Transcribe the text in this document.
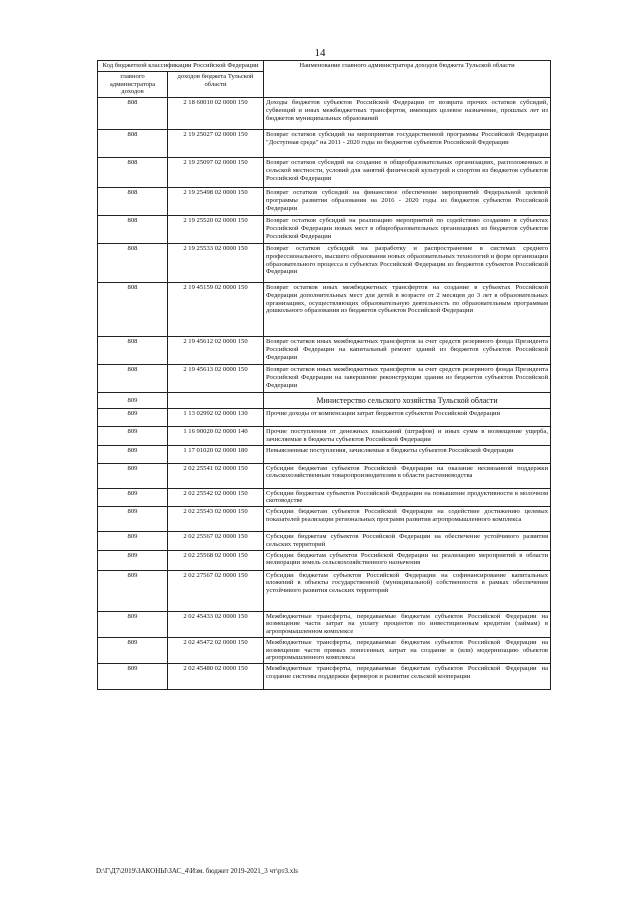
14
Код бюджетной классификации Российской Федерации		Наименование главного администратора доходов бюджета Тульской области
главного администратора доходов	доходов бюджета Тульской области	
808	2 18 60010 02 0000 150	Доходы бюджетов субъектов Российской Федерации от возврата прочих остатков субсидий, субвенций и иных межбюджетных трансфертов, имеющих целевое назначение, прошлых лет из бюджетов муниципальных образований
808	2 19 25027 02 0000 150	Возврат остатков субсидий на мероприятия государственной программы Российской Федерации "Доступная среда" на 2011 - 2020 годы из бюджетов субъектов Российской Федерации
808	2 19 25097 02 0000 150	Возврат остатков субсидий на создание в общеобразовательных организациях, расположенных в сельской местности, условий для занятий физической культурой и спортом из бюджетов субъектов Российской Федерации
808	2 19 25498 02 0000 150	Возврат остатков субсидий на финансовое обеспечение мероприятий Федеральной целевой программы развития образования на 2016 - 2020 годы из бюджетов субъектов Российской Федерации
808	2 19 25520 02 0000 150	Возврат остатков субсидий на реализацию мероприятий по содействию созданию в субъектах Российской Федерации новых мест в общеобразовательных организациях из бюджетов субъектов Российской Федерации
808	2 19 25533 02 0000 150	Возврат остатков субсидий на разработку и распространение в системах среднего профессионального, высшего образования новых образовательных технологий и форм организации образовательного процесса в субъектах Российской Федерации из бюджетов субъектов Российской Федерации
808	2 19 45159 02 0000 150	Возврат остатков иных межбюджетных трансфертов на создание в субъектах Российской Федерации дополнительных мест для детей в возрасте от 2 месяцев до 3 лет в образовательных организациях, осуществляющих образовательную деятельность по образовательным программам дошкольного образования из бюджетов субъектов Российской Федерации
808	2 19 45612 02 0000 150	Возврат остатков иных межбюджетных трансфертов за счет средств резервного фонда Президента Российской Федерации на капитальный ремонт зданий из бюджетов субъектов Российской Федерации
808	2 19 45613 02 0000 150	Возврат остатков иных межбюджетных трансфертов за счет средств резервного фонда Президента Российской Федерации на завершение реконструкции здания из бюджетов субъектов Российской Федерации
809		Министерство сельского хозяйства Тульской области
809	1 13 02992 02 0000 130	Прочие доходы от компенсации затрат бюджетов субъектов Российской Федерации
809	1 16 90020 02 0000 140	Прочие поступления от денежных взысканий (штрафов) и иных сумм в возмещение ущерба, зачисляемые в бюджеты субъектов Российской Федерации
809	1 17 01020 02 0000 180	Невыясненные поступления, зачисляемые в бюджеты субъектов Российской Федерации
809	2 02 25541 02 0000 150	Субсидии бюджетам субъектов Российской Федерации на оказание несвязанной поддержки сельскохозяйственным товаропроизводителям в области растениеводства
809	2 02 25542 02 0000 150	Субсидии бюджетам субъектов Российской Федерации на повышение продуктивности в молочном скотоводстве
809	2 02 25543 02 0000 150	Субсидии бюджетам субъектов Российской Федерации на содействие достижению целевых показателей реализации региональных программ развития агропромышленного комплекса
809	2 02 25567 02 0000 150	Субсидии бюджетам субъектов Российской Федерации на обеспечение устойчивого развития сельских территорий
809	2 02 25568 02 0000 150	Субсидии бюджетам субъектов Российской Федерации на реализацию мероприятий в области мелиорации земель сельскохозяйственного назначения
809	2 02 27567 02 0000 150	Субсидии бюджетам субъектов Российской Федерации на софинансирование капитальных вложений в объекты государственной (муниципальной) собственности в рамках обеспечения устойчивого развития сельских территорий
809	2 02 45433 02 0000 150	Межбюджетные трансферты, передаваемые бюджетам субъектов Российской Федерации на возмещение части затрат на уплату процентов по инвестиционным кредитам (займам) в агропромышленном комплексе
809	2 02 45472 02 0000 150	Межбюджетные трансферты, передаваемые бюджетам субъектов Российской Федерации на возмещение части прямых понесенных затрат на создание и (или) модернизацию объектов агропромышленного комплекса
809	2 02 45480 02 0000 150	Межбюджетные трансферты, передаваемые бюджетам субъектов Российской Федерации на создание системы поддержки фермеров и развитие сельской кооперации
D:\Г\Д7\2019\ЗАКОНЫ\ЗАС_4\Изм. бюджет 2019-2021_3 чт\рт3.xls
